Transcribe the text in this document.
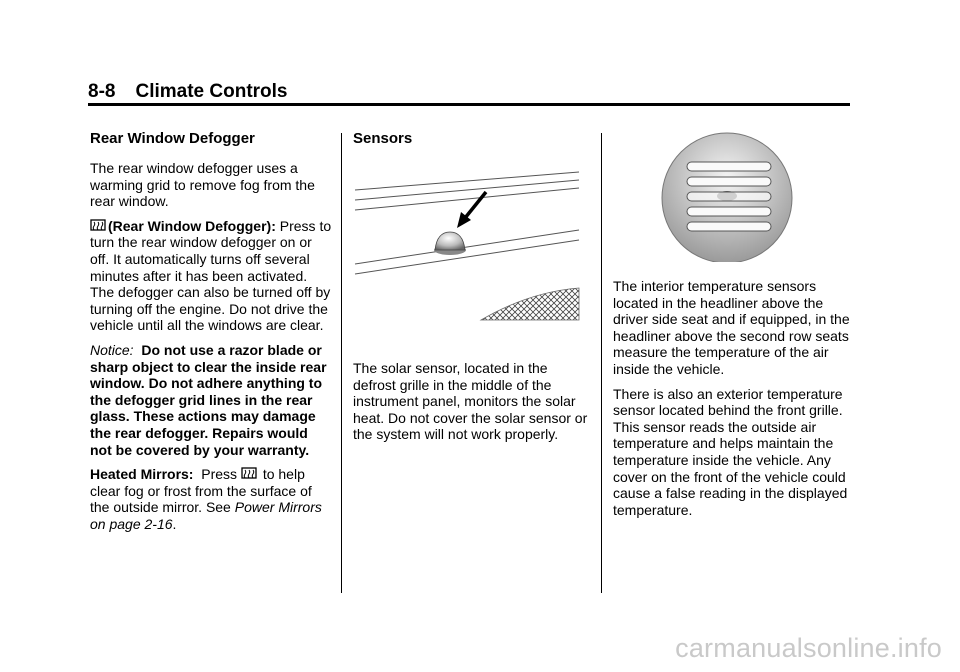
8-8 Climate Controls
Rear Window Defogger

The rear window defogger uses a warming grid to remove fog from the rear window.

(Rear Window Defogger): Press to turn the rear window defogger on or off. It automatically turns off several minutes after it has been activated. The defogger can also be turned off by turning off the engine. Do not drive the vehicle until all the windows are clear.

Notice: Do not use a razor blade or sharp object to clear the inside rear window. Do not adhere anything to the defogger grid lines in the rear glass. These actions may damage the rear defogger. Repairs would not be covered by your warranty.

Heated Mirrors: Press to help clear fog or frost from the surface of the outside mirror. See Power Mirrors on page 2-16.

Sensors

The solar sensor, located in the defrost grille in the middle of the instrument panel, monitors the solar heat. Do not cover the solar sensor or the system will not work properly.

The interior temperature sensors located in the headliner above the driver side seat and if equipped, in the headliner above the second row seats measure the temperature of the air inside the vehicle.

There is also an exterior temperature sensor located behind the front grille. This sensor reads the outside air temperature and helps maintain the temperature inside the vehicle. Any cover on the front of the vehicle could cause a false reading in the displayed temperature.

carmanualsonline.info
